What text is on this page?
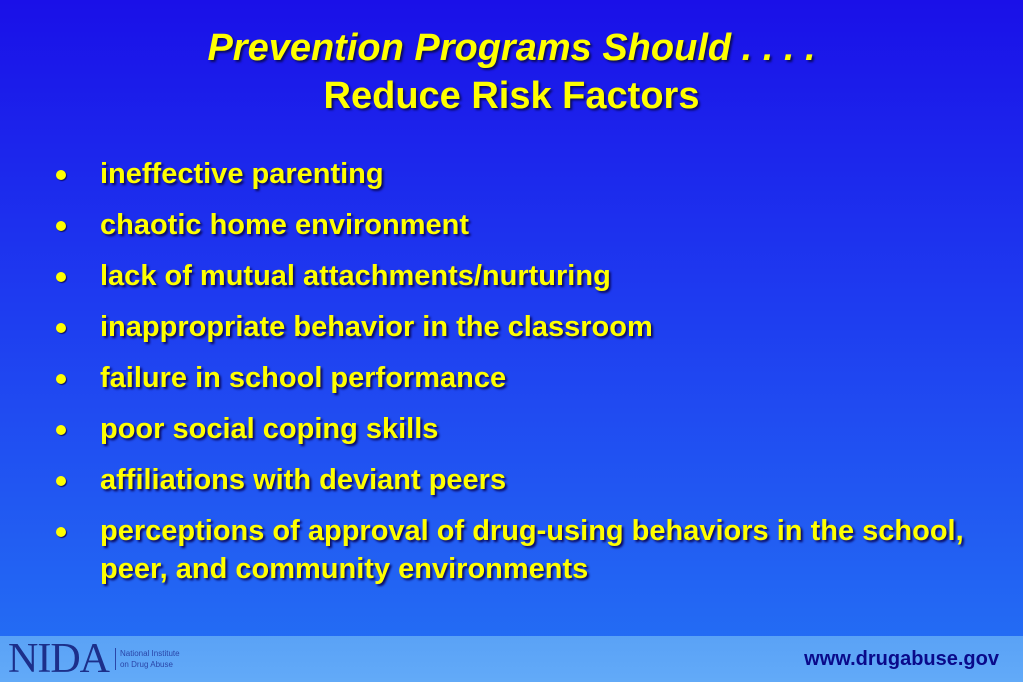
Prevention Programs Should . . . .
Reduce Risk Factors
ineffective parenting
chaotic home environment
lack of mutual attachments/nurturing
inappropriate behavior in the classroom
failure in school performance
poor social coping skills
affiliations with deviant peers
perceptions of approval of drug-using behaviors in the school, peer, and community environments
NIDA National Institute
on Drug Abuse	www.drugabuse.gov
